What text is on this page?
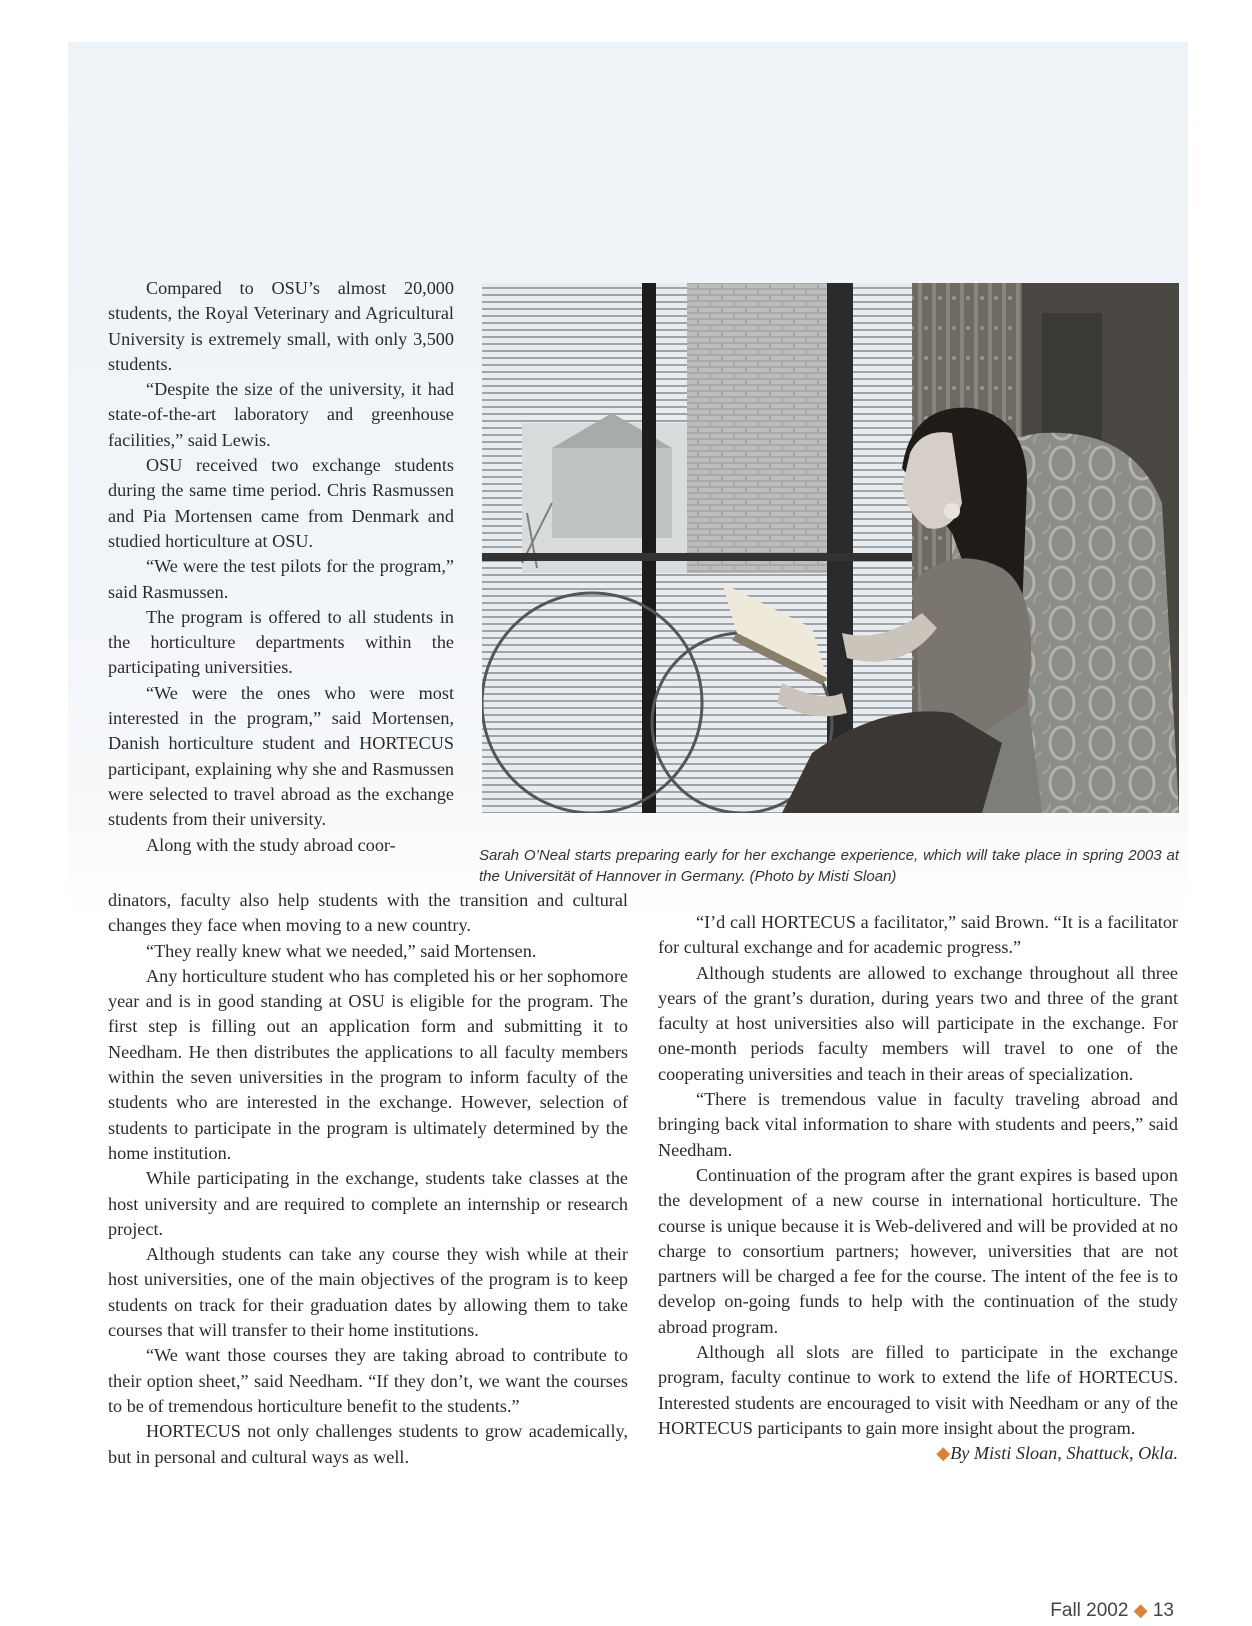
Compared to OSU’s almost 20,000 students, the Royal Veterinary and Agricultural University is extremely small, with only 3,500 students.

“Despite the size of the university, it had state-of-the-art laboratory and greenhouse facilities,” said Lewis.

OSU received two exchange students during the same time period. Chris Rasmussen and Pia Mortensen came from Denmark and studied horticulture at OSU.

“We were the test pilots for the program,” said Rasmussen.

The program is offered to all students in the horticulture departments within the participating universities.

“We were the ones who were most interested in the program,” said Mortensen, Danish horticulture student and HORTECUS participant, explaining why she and Rasmussen were selected to travel abroad as the exchange students from their university.

Along with the study abroad coor-

Sarah O’Neal starts preparing early for her exchange experience, which will take place in spring 2003 at the Universität of Hannover in Germany. (Photo by Misti Sloan)

dinators, faculty also help students with the transition and cultural changes they face when moving to a new country.

“They really knew what we needed,” said Mortensen.

Any horticulture student who has completed his or her sophomore year and is in good standing at OSU is eligible for the program. The first step is filling out an application form and submitting it to Needham. He then distributes the applications to all faculty members within the seven universities in the program to inform faculty of the students who are interested in the exchange. However, selection of students to participate in the program is ultimately determined by the home institution.

While participating in the exchange, students take classes at the host university and are required to complete an internship or research project.

Although students can take any course they wish while at their host universities, one of the main objectives of the program is to keep students on track for their graduation dates by allowing them to take courses that will transfer to their home institutions.

“We want those courses they are taking abroad to contribute to their option sheet,” said Needham. “If they don’t, we want the courses to be of tremendous horticulture benefit to the students.”

HORTECUS not only challenges students to grow academically, but in personal and cultural ways as well.

“I’d call HORTECUS a facilitator,” said Brown. “It is a facilitator for cultural exchange and for academic progress.”

Although students are allowed to exchange throughout all three years of the grant’s duration, during years two and three of the grant faculty at host universities also will participate in the exchange. For one-month periods faculty members will travel to one of the cooperating universities and teach in their areas of specialization.

“There is tremendous value in faculty traveling abroad and bringing back vital information to share with students and peers,” said Needham.

Continuation of the program after the grant expires is based upon the development of a new course in international horticulture. The course is unique because it is Web-delivered and will be provided at no charge to consortium partners; however, universities that are not partners will be charged a fee for the course. The intent of the fee is to develop on-going funds to help with the continuation of the study abroad program.

Although all slots are filled to participate in the exchange program, faculty continue to work to extend the life of HORTECUS. Interested students are encouraged to visit with Needham or any of the HORTECUS participants to gain more insight about the program.

◆By Misti Sloan, Shattuck, Okla.

Fall 2002 ◆ 13
